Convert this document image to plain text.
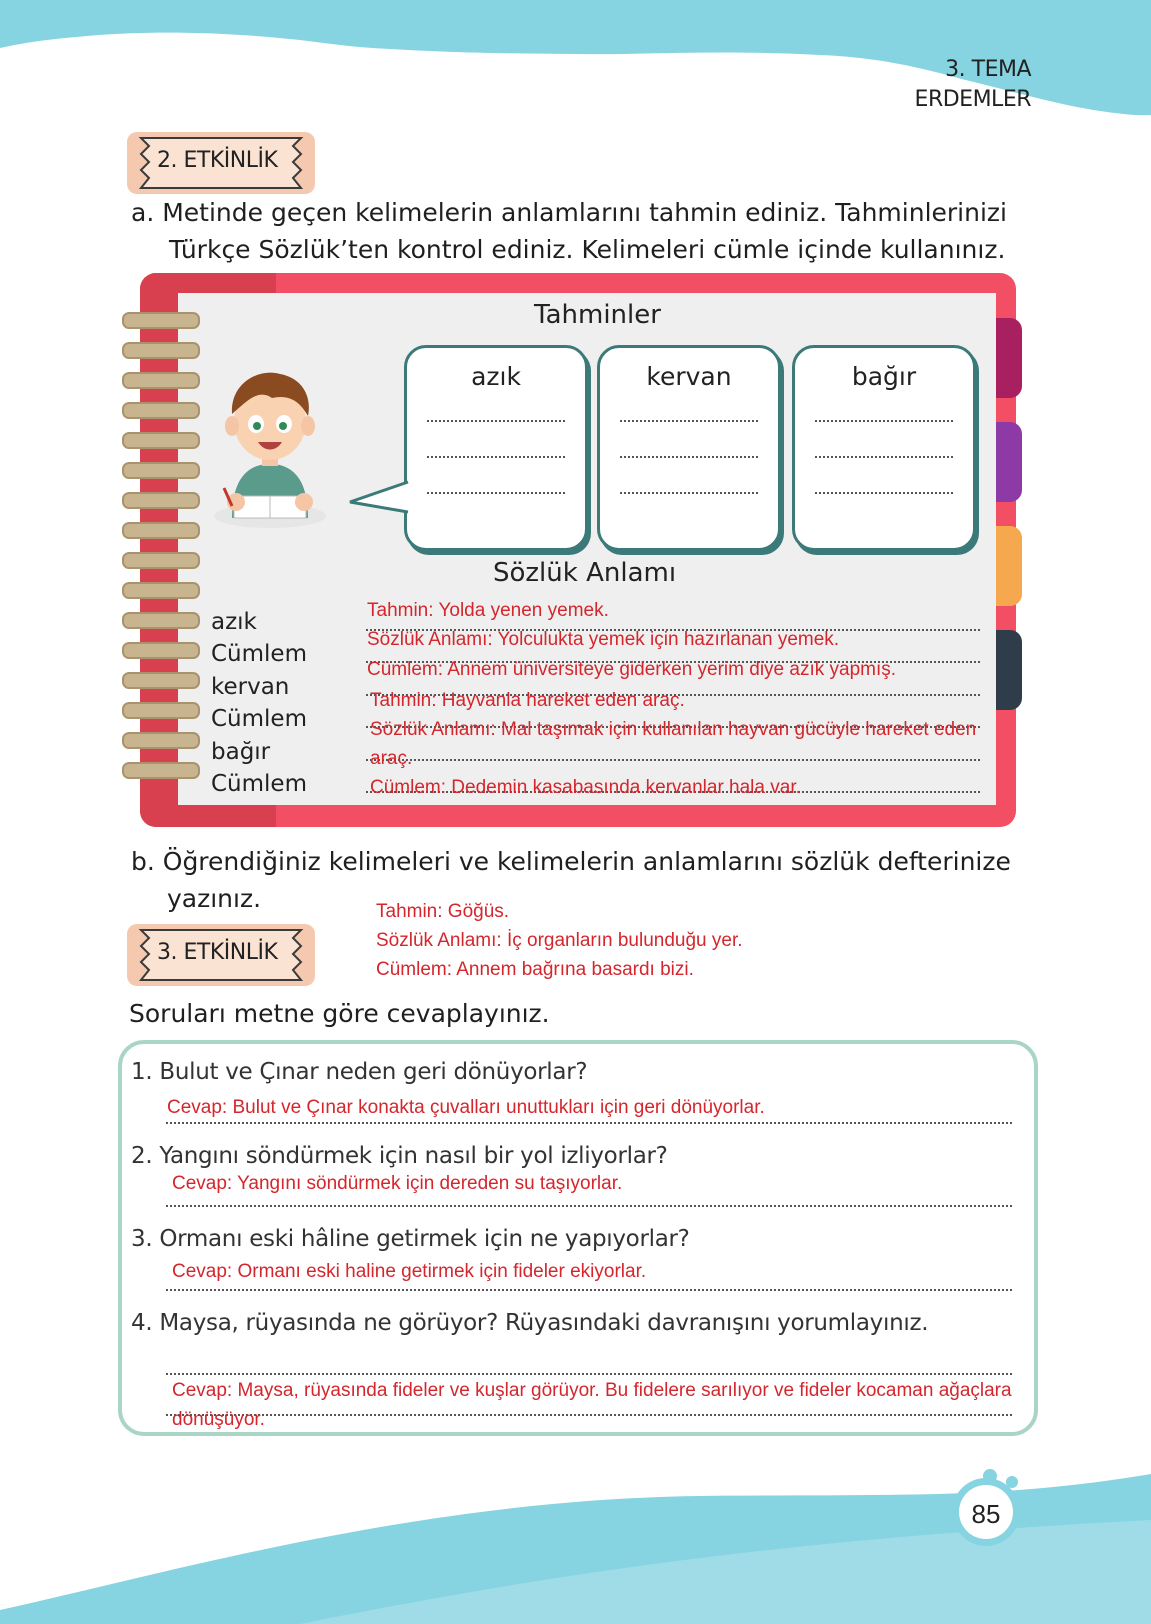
3. TEMA
ERDEMLER
2. ETKİNLİK
a. Metinde geçen kelimelerin anlamlarını tahmin ediniz. Tahminlerinizi
Türkçe Sözlük’ten kontrol ediniz. Kelimeleri cümle içinde kullanınız.
Tahminler
azık	kervan	bağır
Sözlük Anlamı
azık
Cümlem
kervan
Cümlem
bağır
Cümlem
Tahmin: Yolda yenen yemek.
Sözlük Anlamı: Yolculukta yemek için hazırlanan yemek.
Cümlem: Annem üniversiteye giderken yerim diye azık yapmış.
Tahmin: Hayvanla hareket eden araç.
Sözlük Anlamı: Mal taşımak için kullanılan hayvan gücüyle hareket eden
araç.
Cümlem: Dedemin kasabasında kervanlar hala var.
b. Öğrendiğiniz kelimeleri ve kelimelerin anlamlarını sözlük defterinize
yazınız.	Tahmin: Göğüs.
Sözlük Anlamı: İç organların bulunduğu yer.
Cümlem: Annem bağrına basardı bizi.
3. ETKİNLİK
Soruları metne göre cevaplayınız.
1. Bulut ve Çınar neden geri dönüyorlar?
Cevap: Bulut ve Çınar konakta çuvalları unuttukları için geri dönüyorlar.
2. Yangını söndürmek için nasıl bir yol izliyorlar?
Cevap: Yangını söndürmek için dereden su taşıyorlar.
3. Ormanı eski hâline getirmek için ne yapıyorlar?
Cevap: Ormanı eski haline getirmek için fideler ekiyorlar.
4. Maysa, rüyasında ne görüyor? Rüyasındaki davranışını yorumlayınız.
Cevap: Maysa, rüyasında fideler ve kuşlar görüyor. Bu fidelere sarılıyor ve fideler kocaman ağaçlara
dönüşüyor.
85
